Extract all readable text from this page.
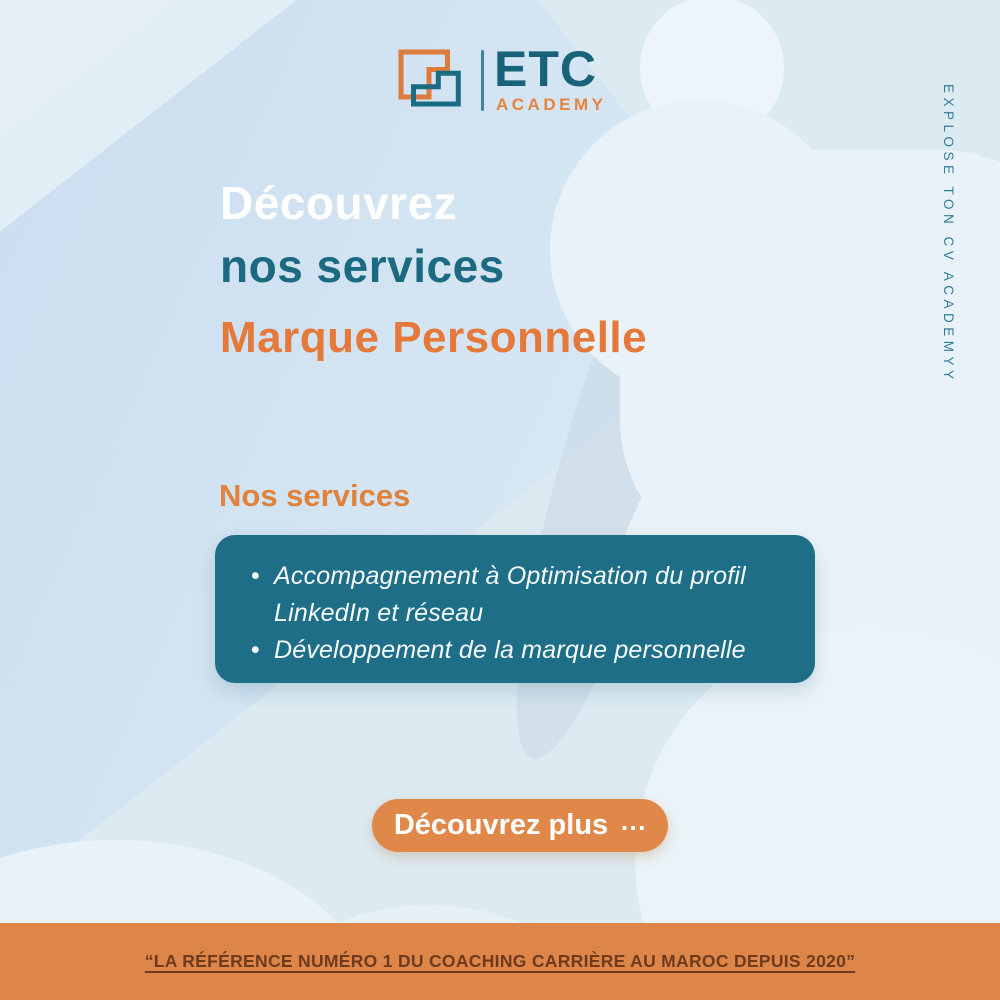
ETC
ACADEMY	EXPLOSE TON CV ACADEMYY
Découvrez
nos services
Marque Personnelle
Nos services
• Accompagnement à Optimisation du profil LinkedIn et réseau
• Développement de la marque personnelle
Découvrez plus ⋯
“LA RÉFÉRENCE NUMÉRO 1 DU COACHING CARRIÈRE AU MAROC DEPUIS 2020”
